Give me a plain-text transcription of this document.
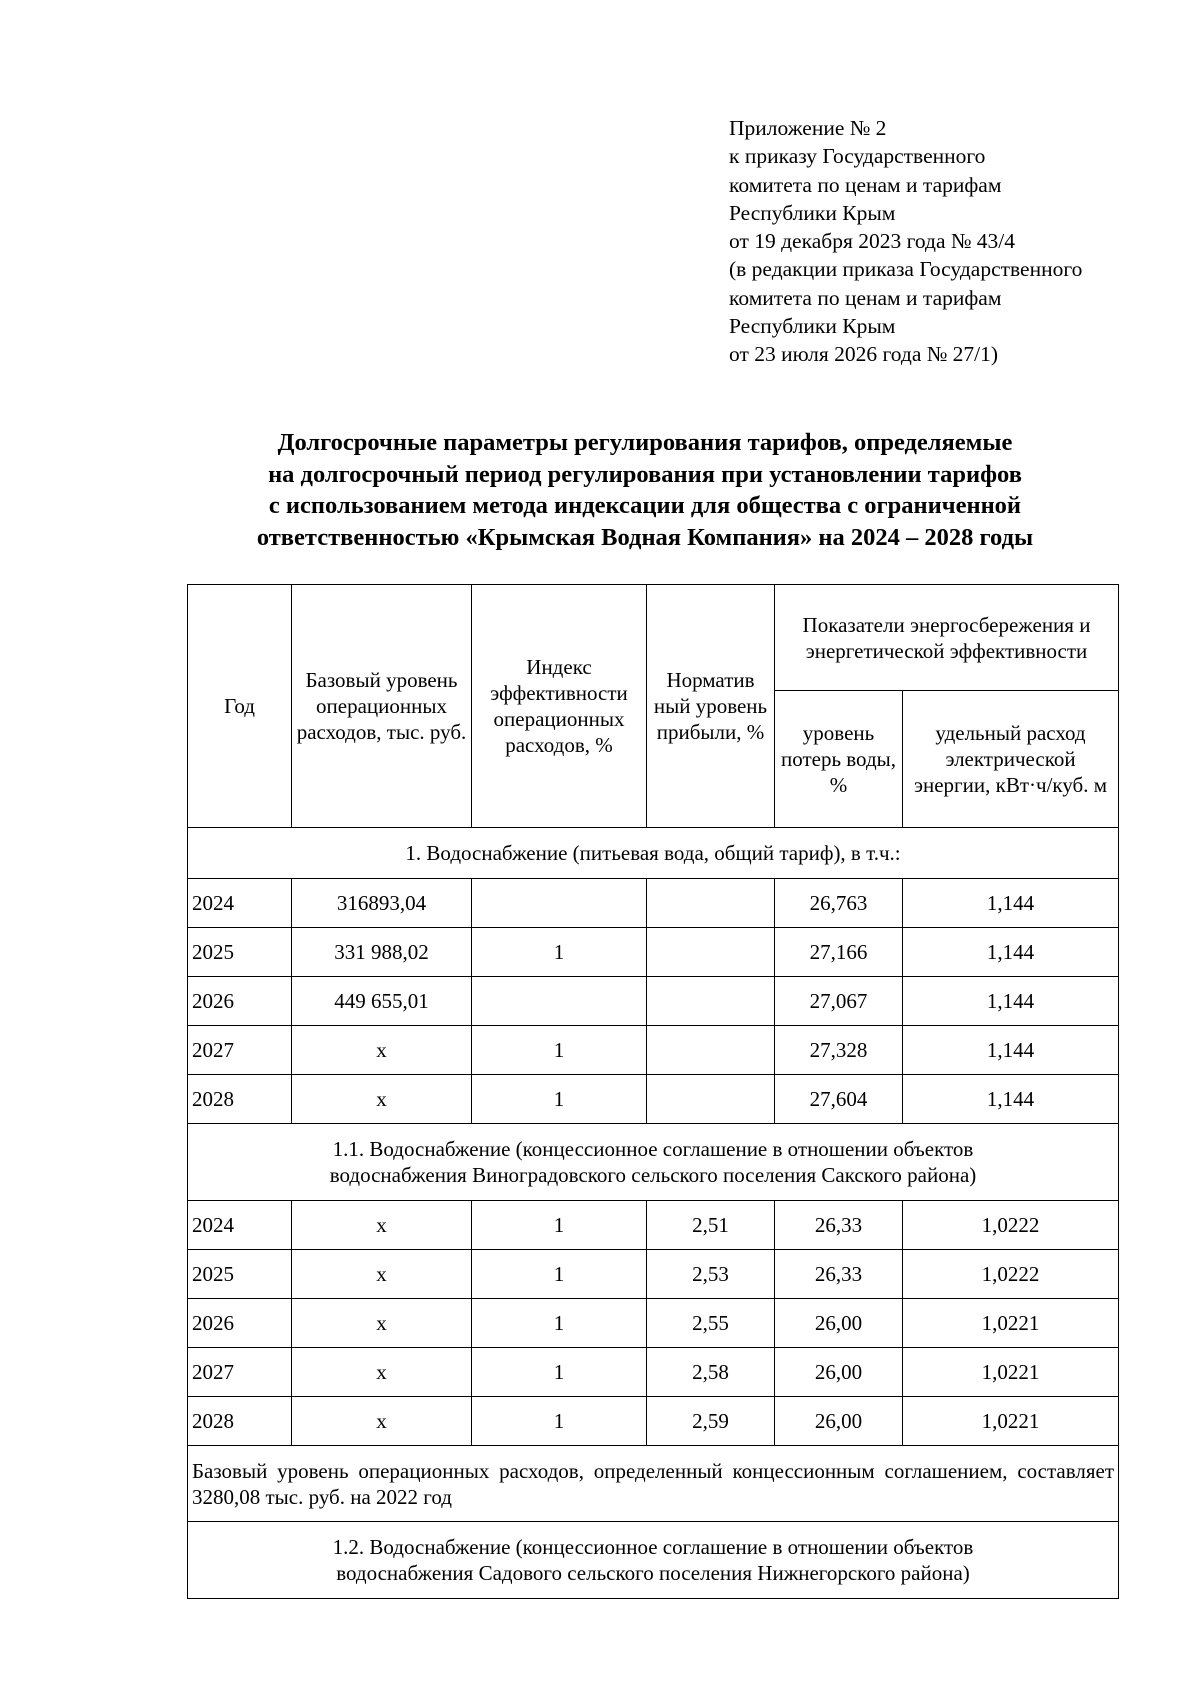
Приложение № 2
к приказу Государственного
комитета по ценам и тарифам
Республики Крым
от 19 декабря 2023 года № 43/4
(в редакции приказа Государственного
комитета по ценам и тарифам
Республики Крым
от 23 июля 2026 года № 27/1)
Долгосрочные параметры регулирования тарифов, определяемые
на долгосрочный период регулирования при установлении тарифов
с использованием метода индексации для общества с ограниченной
ответственностью «Крымская Водная Компания» на 2024 – 2028 годы
Год	Базовый уровень операционных расходов, тыс. руб.	Индекс эффективности операционных расходов, %	Норматив ный уровень прибыли, %	Показатели энергосбережения и энергетической эффективности	
				уровень потерь воды, %	удельный расход электрической энергии, кВт·ч/куб. м
1. Водоснабжение (питьевая вода, общий тариф), в т.ч.:					
2024	316893,04			26,763	1,144
2025	331 988,02	1		27,166	1,144
2026	449 655,01			27,067	1,144
2027	х	1		27,328	1,144
2028	х	1		27,604	1,144

1.1. Водоснабжение (концессионное соглашение в отношении объектов
водоснабжения Виноградовского сельского поселения Сакского района)					

2024	х	1	2,51	26,33	1,0222
2025	х	1	2,53	26,33	1,0222
2026	х	1	2,55	26,00	1,0221
2027	х	1	2,58	26,00	1,0221
2028	х	1	2,59	26,00	1,0221
Базовый уровень операционных расходов, определенный концессионным соглашением, составляет 3280,08 тыс. руб. на 2022 год					

1.2. Водоснабжение (концессионное соглашение в отношении объектов
водоснабжения Садового сельского поселения Нижнегорского района)					
